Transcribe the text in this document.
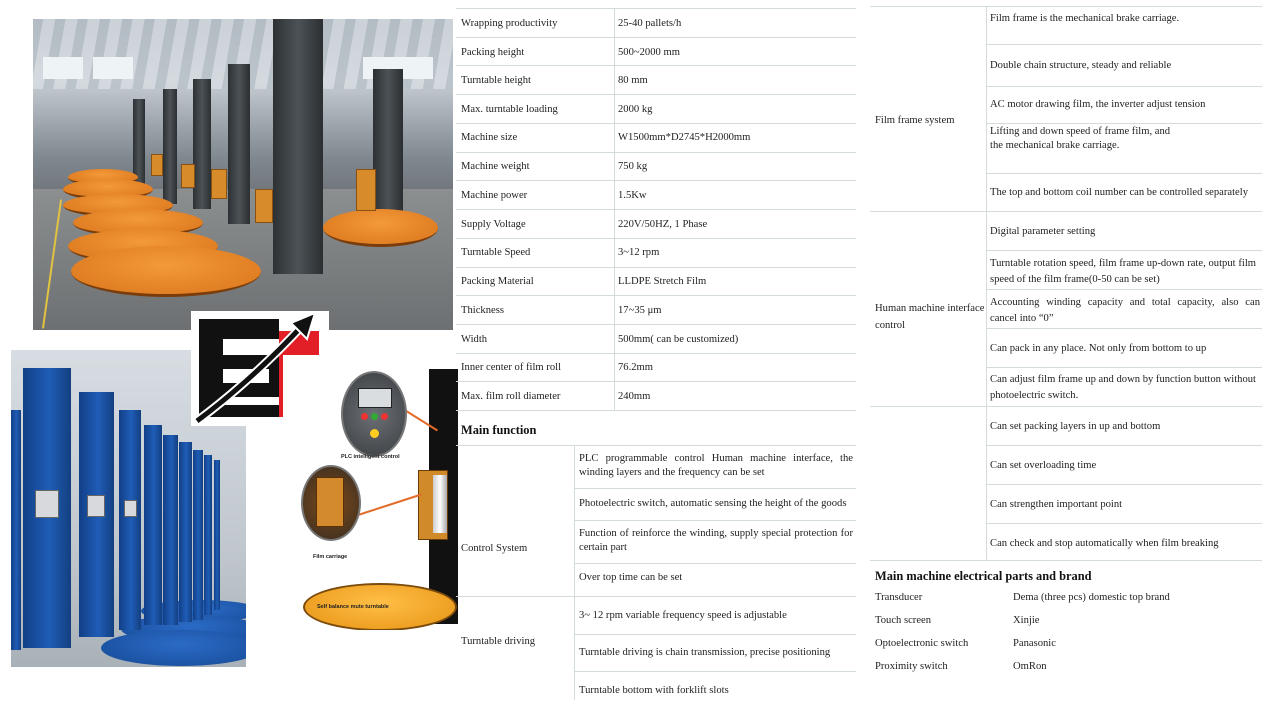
PLC intelligent control
Film carriage
Self balance mute turntable
Wrapping productivity	25-40 pallets/h
Packing height	500~2000 mm
Turntable height	80 mm
Max. turntable loading	2000 kg
Machine size	W1500mm*D2745*H2000mm
Machine weight	750 kg
Machine power	1.5Kw
Supply Voltage	220V/50HZ, 1 Phase
Turntable Speed	3~12 rpm
Packing Material	LLDPE Stretch Film
Thickness	17~35 μm
Width	500mm( can be customized)
Inner center of film roll	76.2mm
Max. film roll diameter	240mm
Main function
Control System
PLC programmable control Human machine interface, the winding layers and the frequency can be set
Photoelectric switch, automatic sensing the height of the goods
Function of reinforce the winding, supply special protection for certain part
Over top time can be set
Turntable driving
3~ 12 rpm variable frequency speed is adjustable
Turntable driving is chain transmission, precise positioning
Turntable bottom with forklift slots
Film frame system
Film frame is the mechanical brake carriage.
Double chain structure, steady and reliable
AC motor drawing film, the inverter adjust tension
Lifting and down speed of frame film, and
the mechanical brake carriage.
The top and bottom coil number can be controlled separately
Human machine interface
control
Digital parameter setting
Turntable rotation speed, film frame up-down rate, output film speed of the film frame(0-50 can be set)
Accounting winding capacity and total capacity, also can cancel into “0”
Can pack in any place. Not only from bottom to up
Can adjust film frame up and down by function button without photoelectric switch.
Can set packing layers in up and bottom
Can set overloading time
Can strengthen important point
Can check and stop automatically when film breaking
Main machine electrical parts and brand
Transducer	Dema (three pcs) domestic top brand
Touch screen	Xinjie
Optoelectronic switch	Panasonic
Proximity switch	OmRon
